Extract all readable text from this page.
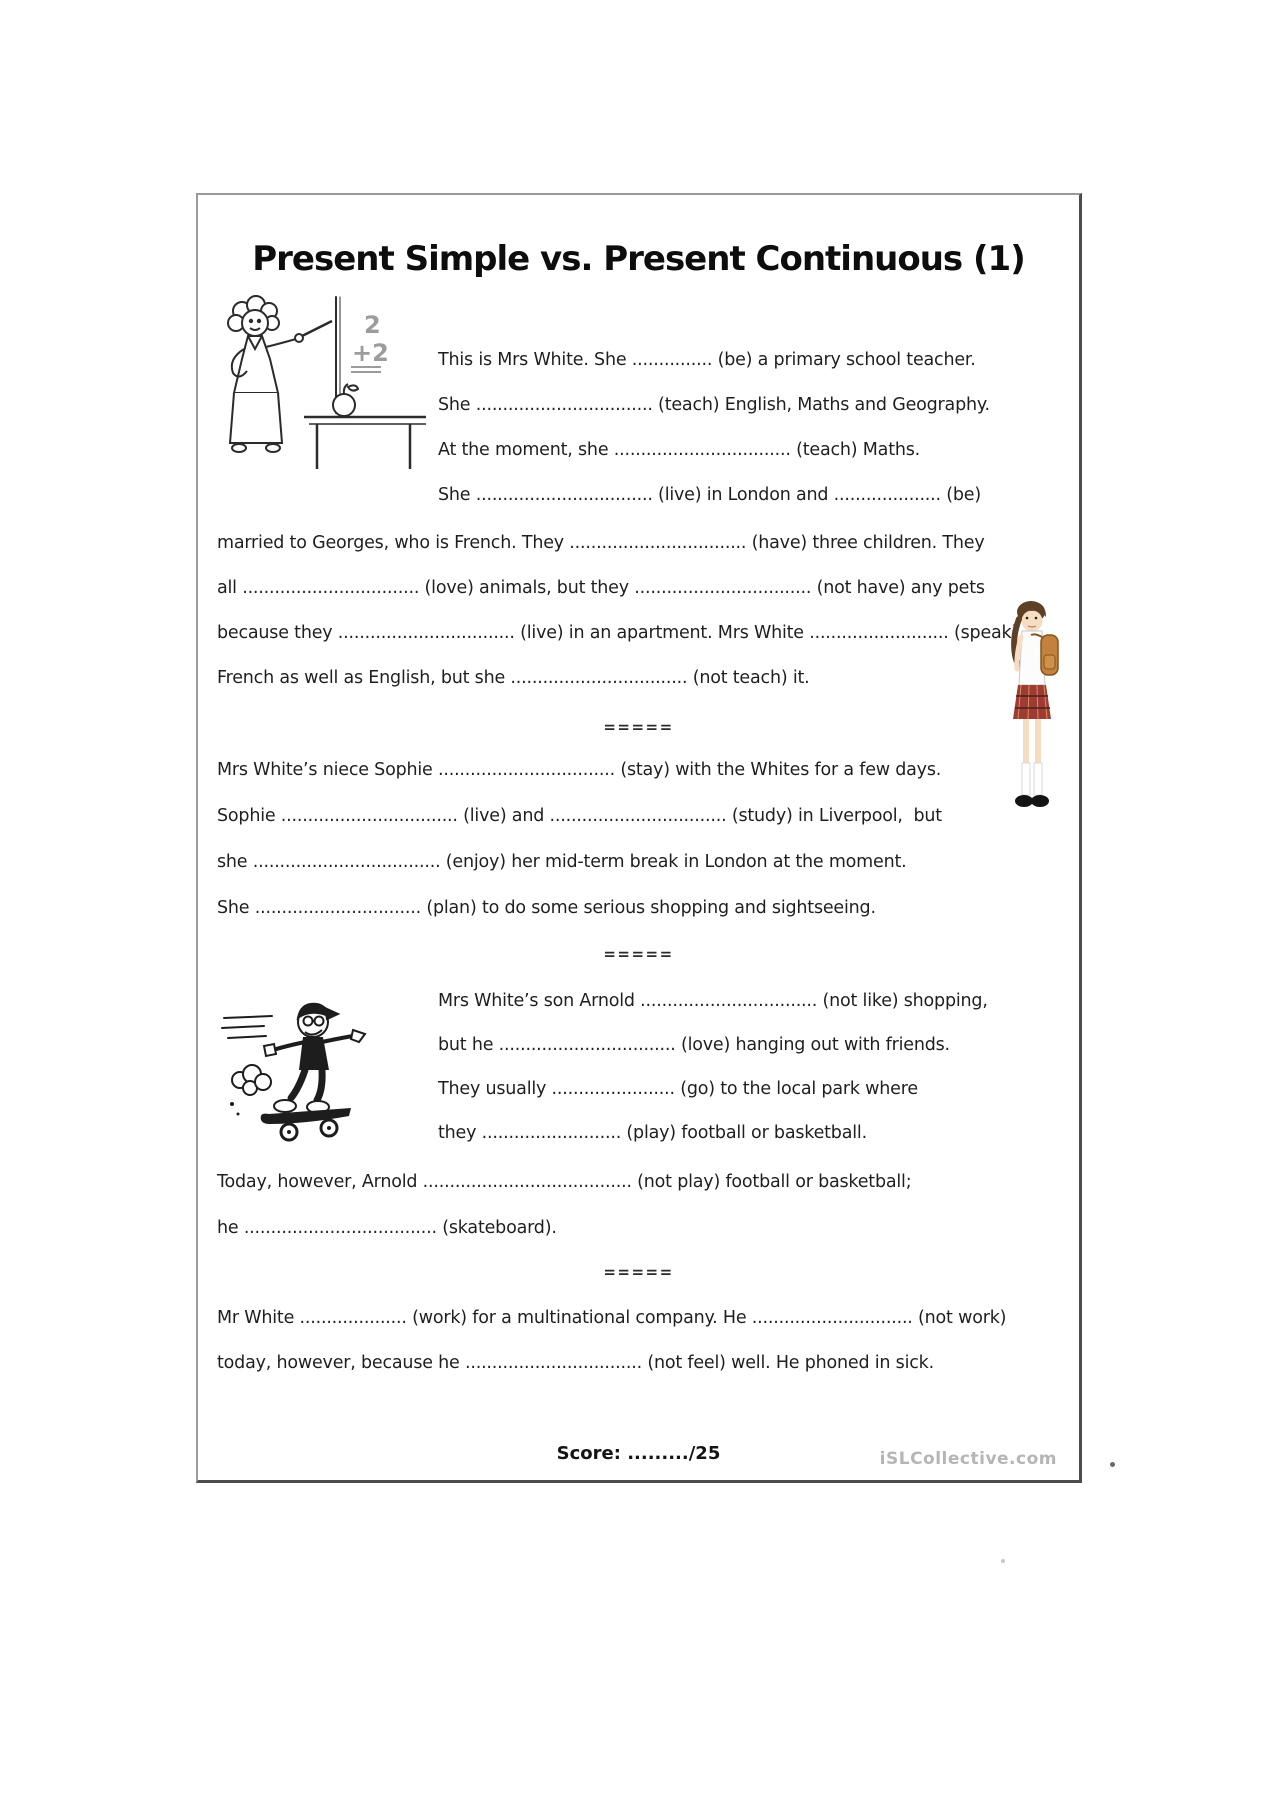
Present Simple vs. Present Continuous (1)
2
+2	This is Mrs White. She ............... (be) a primary school teacher.
She ................................. (teach) English, Maths and Geography.
At the moment, she ................................. (teach) Maths.
She ................................. (live) in London and .................... (be)
married to Georges, who is French. They ................................. (have) three children. They
all ................................. (love) animals, but they ................................. (not have) any pets
because they ................................. (live) in an apartment. Mrs White .......................... (speak)
French as well as English, but she ................................. (not teach) it.
=====
Mrs White’s niece Sophie ................................. (stay) with the Whites for a few days.
Sophie ................................. (live) and ................................. (study) in Liverpool,  but
she ................................... (enjoy) her mid-term break in London at the moment.
She ............................... (plan) to do some serious shopping and sightseeing.
=====
Mrs White’s son Arnold ................................. (not like) shopping,
but he ................................. (love) hanging out with friends.
They usually ....................... (go) to the local park where
they .......................... (play) football or basketball.
Today, however, Arnold ....................................... (not play) football or basketball;
he .................................... (skateboard).
=====
Mr White .................... (work) for a multinational company. He .............................. (not work)
today, however, because he ................................. (not feel) well. He phoned in sick.
Score: ........./25	iSLCollective.com
